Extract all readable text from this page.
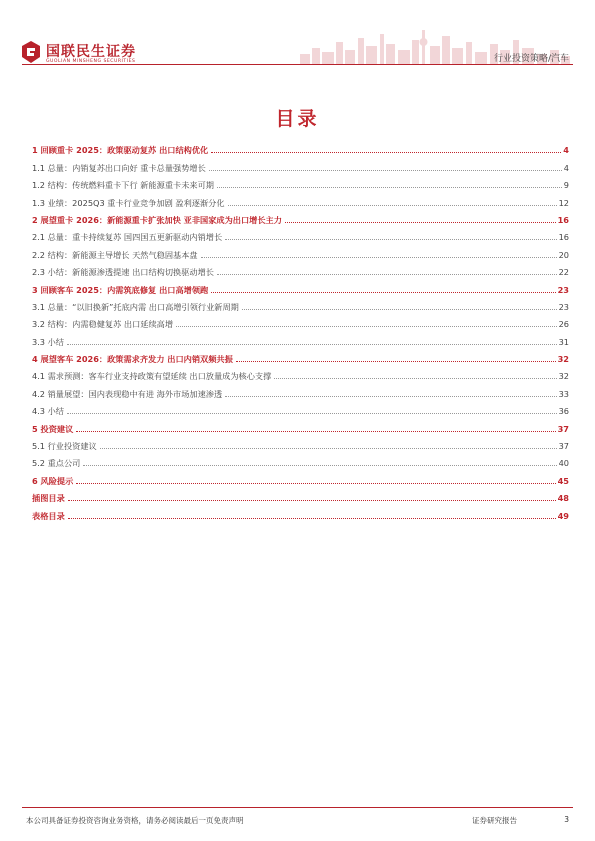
国联民生证券
GUOLIAN MINSHENG SECURITIES	行业投资策略/汽车
目录
1 回顾重卡 2025：政策驱动复苏 出口结构优化	4
1.1 总量：内销复苏出口向好 重卡总量强势增长	4
1.2 结构：传统燃料重卡下行 新能源重卡未来可期	9
1.3 业绩：2025Q3 重卡行业竞争加剧 盈利逐渐分化	12
2 展望重卡 2026：新能源重卡扩张加快 亚非国家成为出口增长主力	16
2.1 总量：重卡持续复苏 国四国五更新驱动内销增长	16
2.2 结构：新能源主导增长 天然气稳固基本盘	20
2.3 小结：新能源渗透提速 出口结构切换驱动增长	22
3 回顾客车 2025：内需筑底修复 出口高增领跑	23
3.1 总量：“以旧换新”托底内需 出口高增引领行业新周期	23
3.2 结构：内需稳健复苏 出口延续高增	26
3.3 小结	31
4 展望客车 2026：政策需求齐发力 出口内销双频共振	32
4.1 需求预测：客车行业支持政策有望延续 出口放量成为核心支撑	32
4.2 销量展望：国内表现稳中有进 海外市场加速渗透	33
4.3 小结	36
5 投资建议	37
5.1 行业投资建议	37
5.2 重点公司	40
6 风险提示	45
插图目录	48
表格目录	49
本公司具备证券投资咨询业务资格，请务必阅读最后一页免责声明	证券研究报告	3
